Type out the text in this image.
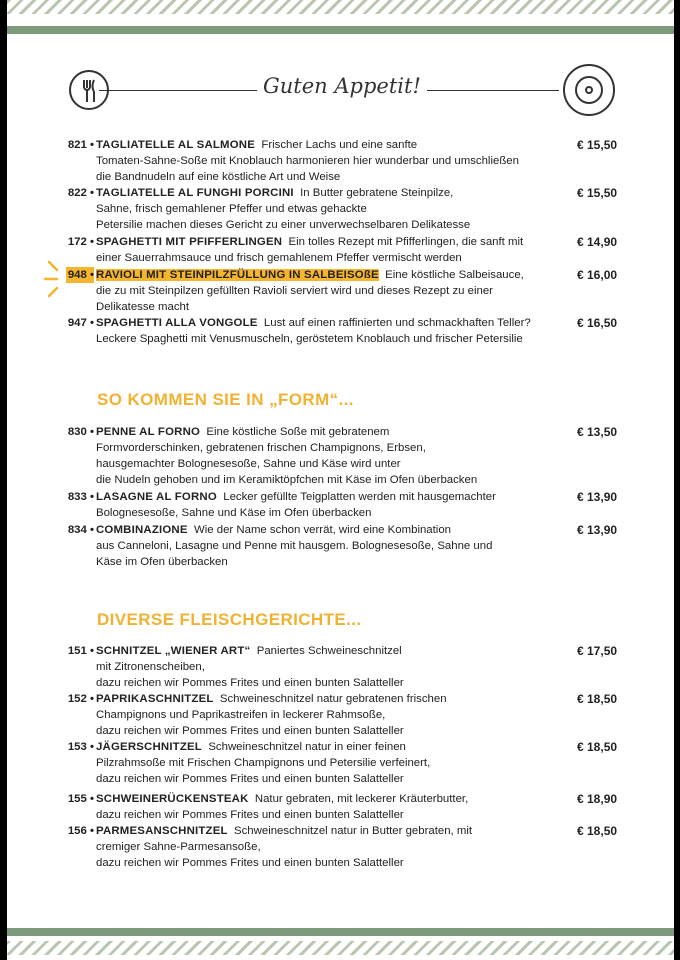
Guten Appetit!
821 • TAGLIATELLE AL SALMONE Frischer Lachs und eine sanfte
Tomaten-Sahne-Soße mit Knoblauch harmonieren hier wunderbar und umschließen
die Bandnudeln auf eine köstliche Art und Weise
€ 15,50
822 • TAGLIATELLE AL FUNGHI PORCINI In Butter gebratene Steinpilze,
Sahne, frisch gemahlener Pfeffer und etwas gehackte
Petersilie machen dieses Gericht zu einer unverwechselbaren Delikatesse
€ 15,50
172 • SPAGHETTI MIT PFIFFERLINGEN Ein tolles Rezept mit Pfifferlingen, die sanft mit
einer Sauerrahmsauce und frisch gemahlenem Pfeffer vermischt werden
€ 14,90
948 • RAVIOLI MIT STEINPILZFÜLLUNG IN SALBEISOßE Eine köstliche Salbeisauce,
die zu mit Steinpilzen gefüllten Ravioli serviert wird und dieses Rezept zu einer
Delikatesse macht
€ 16,00
947 • SPAGHETTI ALLA VONGOLE Lust auf einen raffinierten und schmackhaften Teller?
Leckere Spaghetti mit Venusmuscheln, geröstetem Knoblauch und frischer Petersilie
€ 16,50
SO KOMMEN SIE IN „FORM“...
830 • PENNE AL FORNO Eine köstliche Soße mit gebratenem
Formvorderschinken, gebratenen frischen Champignons, Erbsen,
hausgemachter Bolognesesoße, Sahne und Käse wird unter
die Nudeln gehoben und im Keramiktöpfchen mit Käse im Ofen überbacken
€ 13,50
833 • LASAGNE AL FORNO Lecker gefüllte Teigplatten werden mit hausgemachter
Bolognesesoße, Sahne und Käse im Ofen überbacken
€ 13,90
834 • COMBINAZIONE Wie der Name schon verrät, wird eine Kombination
aus Canneloni, Lasagne und Penne mit hausgem. Bolognesesoße, Sahne und
Käse im Ofen überbacken
€ 13,90
DIVERSE FLEISCHGERICHTE...
151 • SCHNITZEL „WIENER ART“ Paniertes Schweineschnitzel
mit Zitronenscheiben,
dazu reichen wir Pommes Frites und einen bunten Salatteller
€ 17,50
152 • PAPRIKASCHNITZEL Schweineschnitzel natur gebratenen frischen
Champignons und Paprikastreifen in leckerer Rahmsoße,
dazu reichen wir Pommes Frites und einen bunten Salatteller
€ 18,50
153 • JÄGERSCHNITZEL Schweineschnitzel natur in einer feinen
Pilzrahmsoße mit Frischen Champignons und Petersilie verfeinert,
dazu reichen wir Pommes Frites und einen bunten Salatteller
€ 18,50
155 • SCHWEINERÜCKENSTEAK Natur gebraten, mit leckerer Kräuterbutter,
dazu reichen wir Pommes Frites und einen bunten Salatteller
€ 18,90
156 • PARMESANSCHNITZEL Schweineschnitzel natur in Butter gebraten, mit
cremiger Sahne-Parmesansoße,
dazu reichen wir Pommes Frites und einen bunten Salatteller
€ 18,50
